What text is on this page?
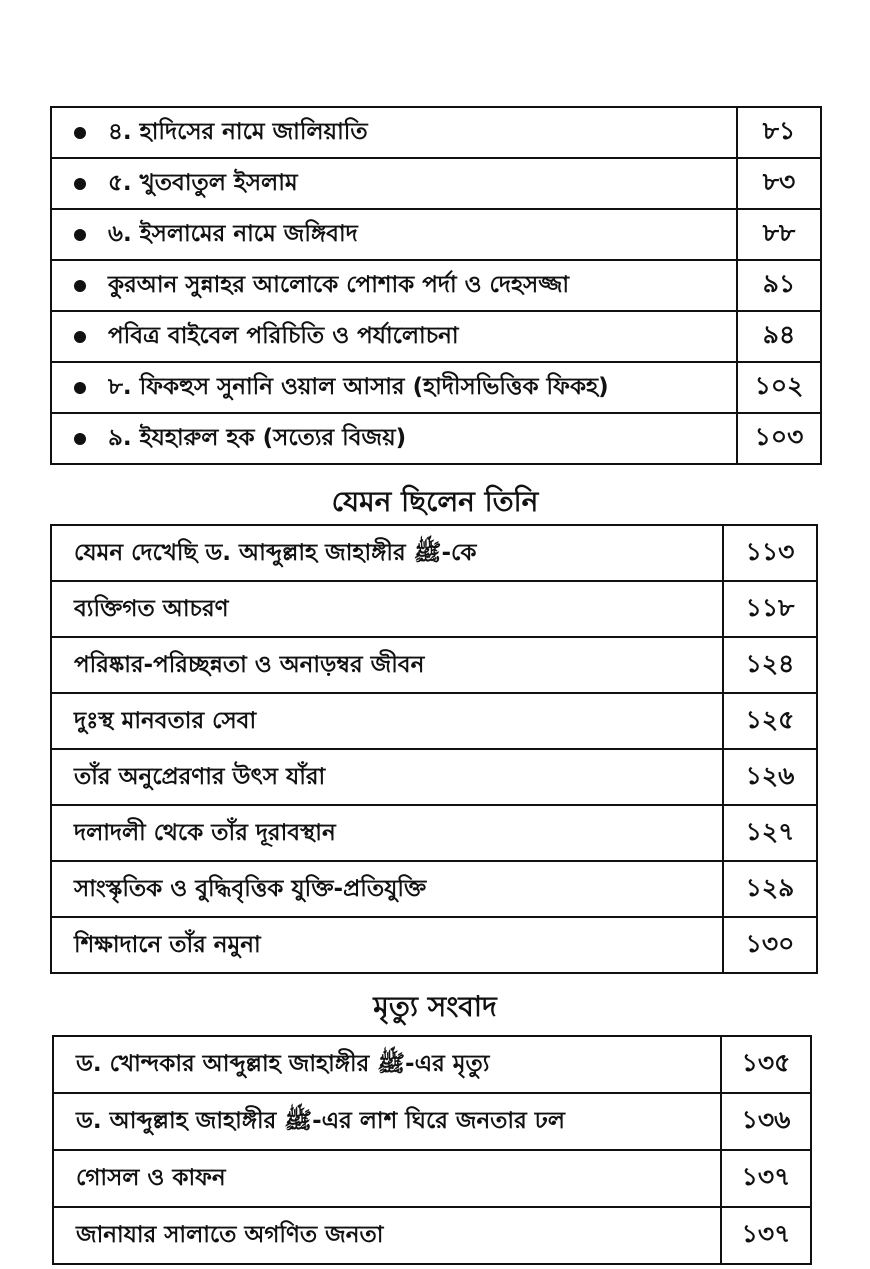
৪. হাদিসের নামে জালিয়াতি	৮১
৫. খুতবাতুল ইসলাম	৮৩
৬. ইসলামের নামে জঙ্গিবাদ	৮৮
কুরআন সুন্নাহর আলোকে পোশাক পর্দা ও দেহসজ্জা	৯১
পবিত্র বাইবেল পরিচিতি ও পর্যালোচনা	৯৪
৮. ফিকহুস সুনানি ওয়াল আসার (হাদীসভিত্তিক ফিকহ)	১০২
৯. ইযহারুল হক (সত্যের বিজয়)	১০৩
যেমন ছিলেন তিনি
যেমন দেখেছি ড. আব্দুল্লাহ জাহাঙ্গীর ﷺ-কে	১১৩
ব্যক্তিগত আচরণ	১১৮
পরিষ্কার-পরিচ্ছন্নতা ও অনাড়ম্বর জীবন	১২৪
দুঃস্থ মানবতার সেবা	১২৫
তাঁর অনুপ্রেরণার উৎস যাঁরা	১২৬
দলাদলী থেকে তাঁর দূরাবস্থান	১২৭
সাংস্কৃতিক ও বুদ্ধিবৃত্তিক যুক্তি-প্রতিযুক্তি	১২৯
শিক্ষাদানে তাঁর নমুনা	১৩০
মৃত্যু সংবাদ
ড. খোন্দকার আব্দুল্লাহ জাহাঙ্গীর ﷺ-এর মৃত্যু	১৩৫
ড. আব্দুল্লাহ জাহাঙ্গীর ﷺ-এর লাশ ঘিরে জনতার ঢল	১৩৬
গোসল ও কাফন	১৩৭
জানাযার সালাতে অগণিত জনতা	১৩৭
